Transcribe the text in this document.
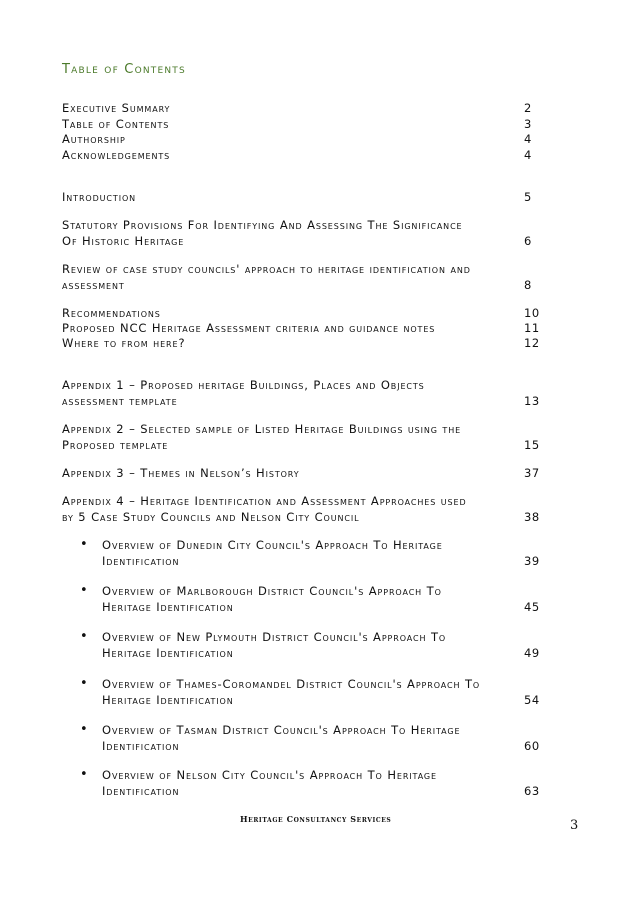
Table of Contents
Executive Summary	2
Table of Contents	3
Authorship	4
Acknowledgements	4
Introduction	5
Statutory Provisions For Identifying And Assessing The Significance
Of Historic Heritage	6
Review of case study councils' approach to heritage identification and
assessment	8
Recommendations	10
Proposed NCC Heritage Assessment criteria and guidance notes	11
Where to from here?	12
Appendix 1 – Proposed heritage Buildings, Places and Objects
assessment template	13
Appendix 2 – Selected sample of Listed Heritage Buildings using the
Proposed template	15
Appendix 3 – Themes in Nelson’s History	37
Appendix 4 – Heritage Identification and Assessment Approaches used
by 5 Case Study Councils and Nelson City Council	38
• Overview of Dunedin City Council's Approach To Heritage
Identification	39
• Overview of Marlborough District Council's Approach To
Heritage Identification	45
• Overview of New Plymouth District Council's Approach To
Heritage Identification	49
• Overview of Thames-Coromandel District Council's Approach To
Heritage Identification	54
• Overview of Tasman District Council's Approach To Heritage
Identification	60
• Overview of Nelson City Council's Approach To Heritage
Identification	63
Heritage Consultancy Services	3
